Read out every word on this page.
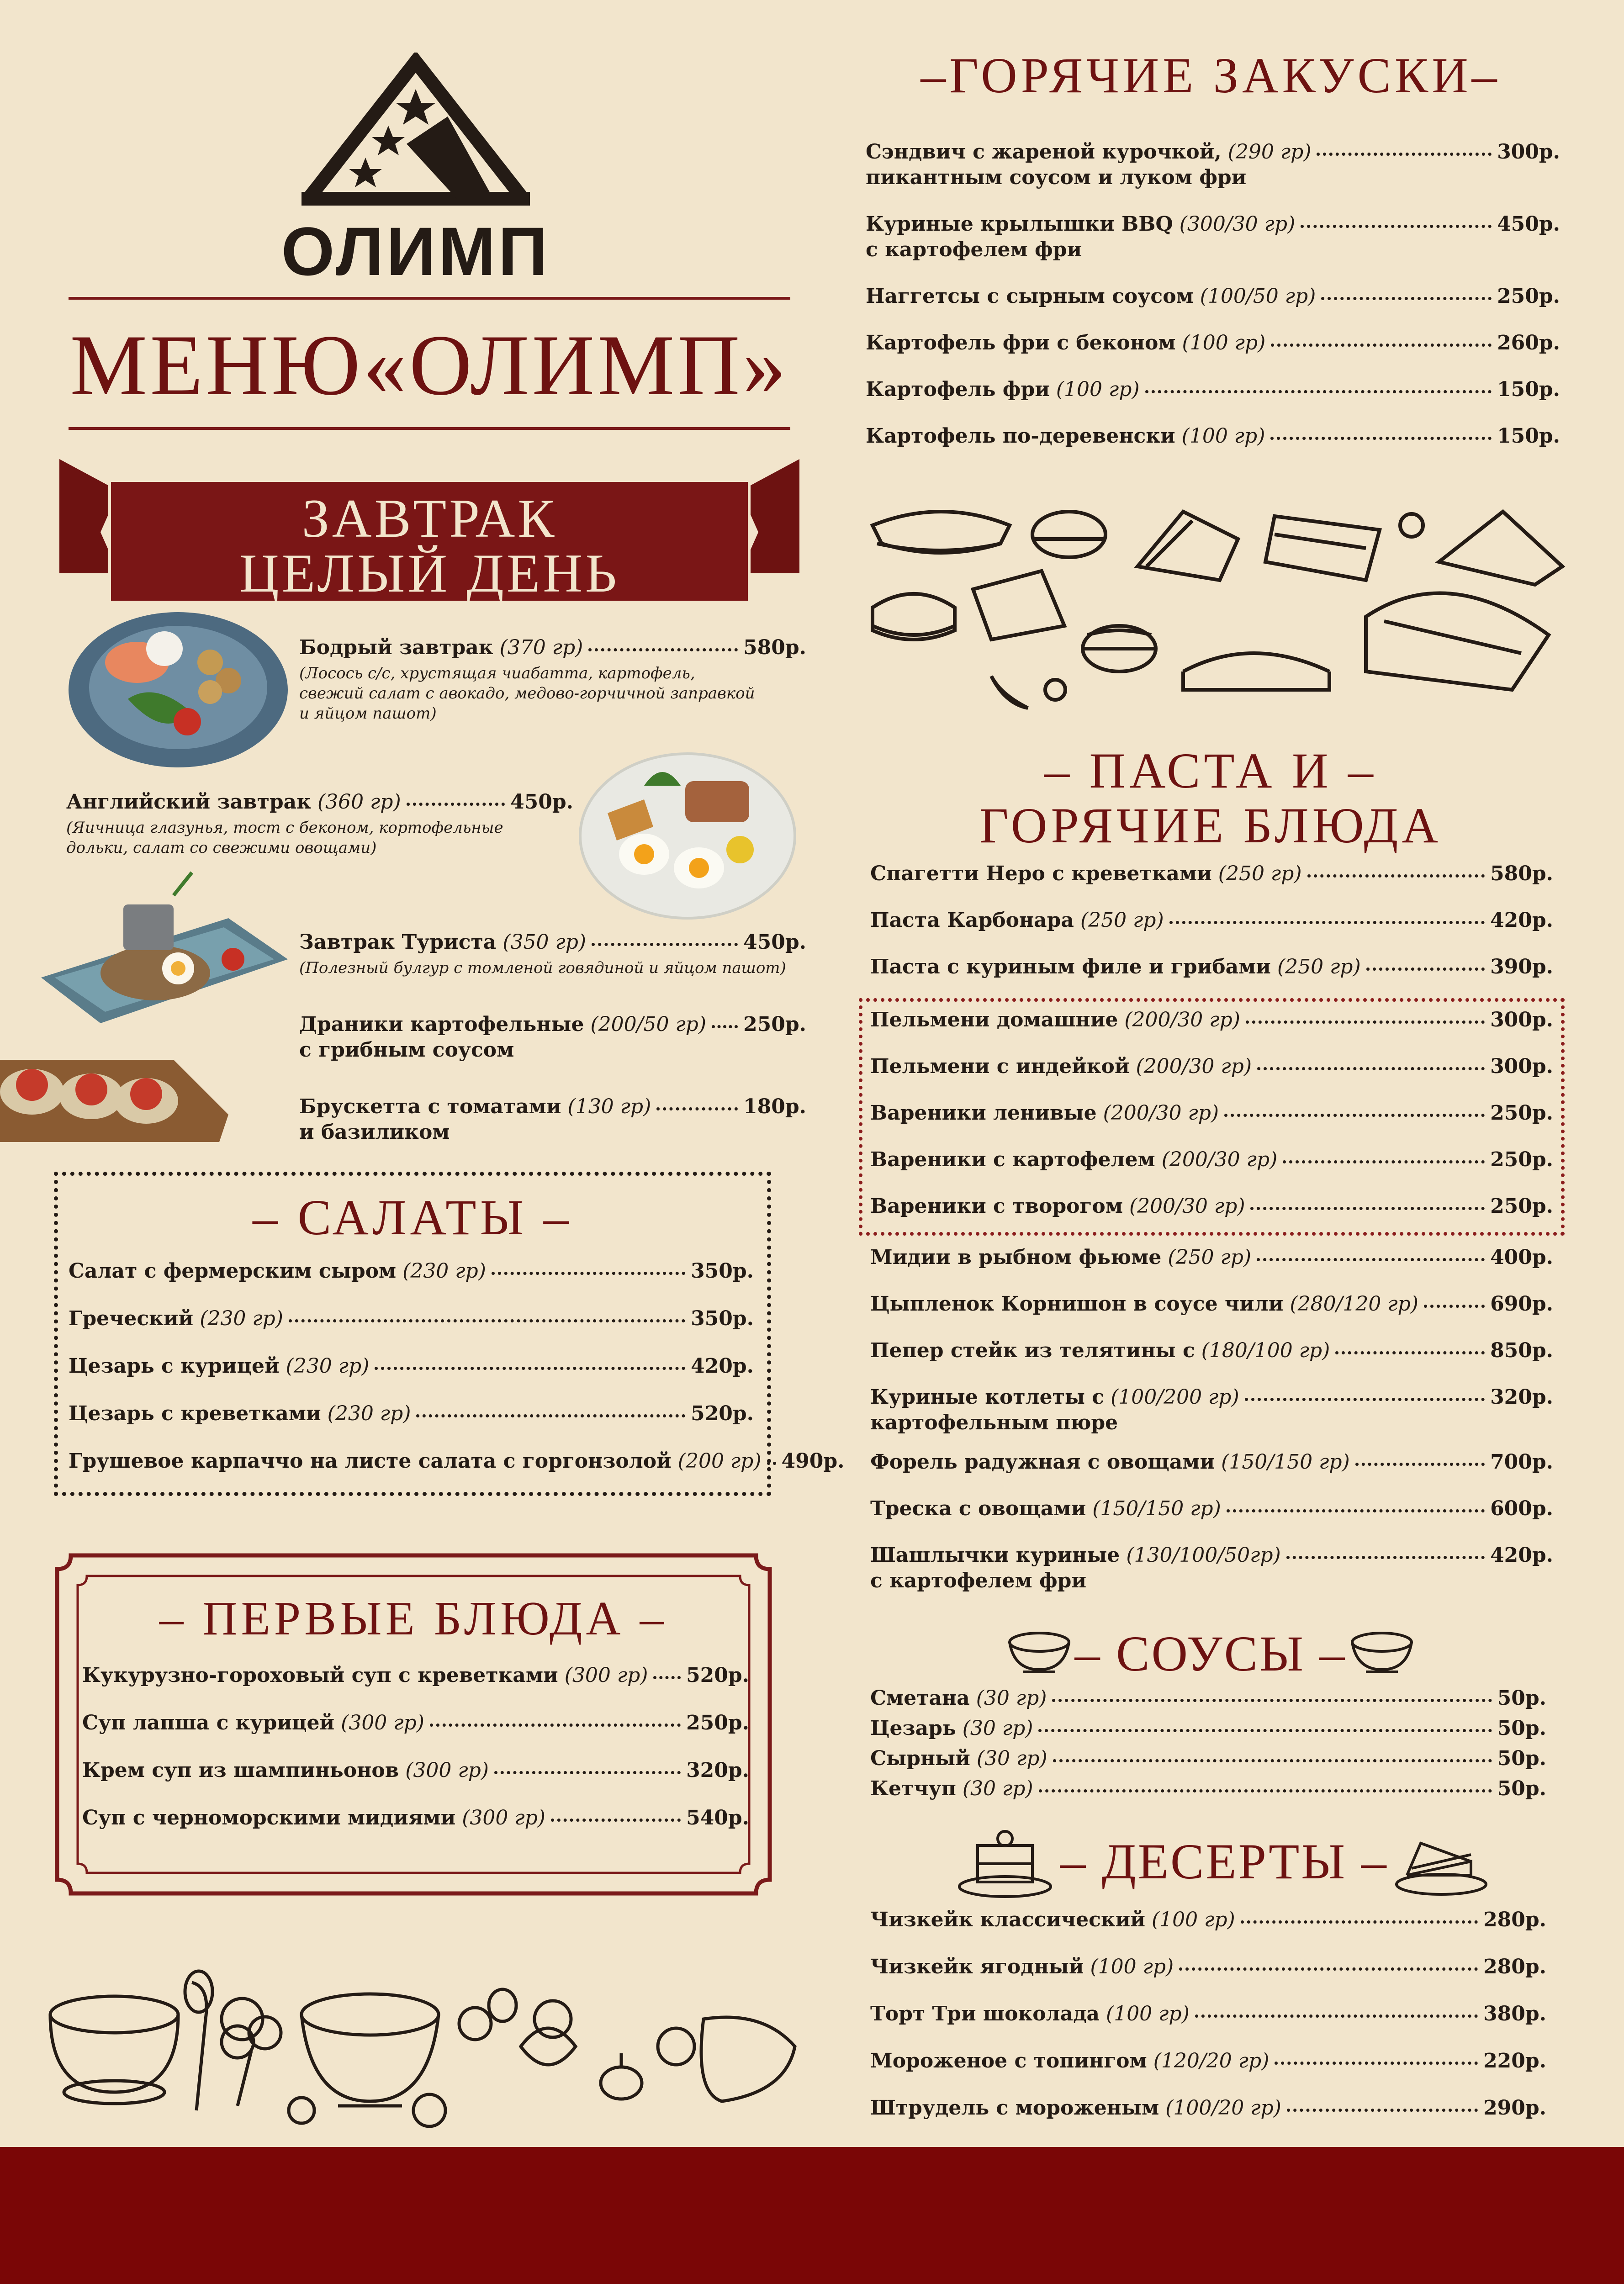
ОЛИМП
МЕНЮ«ОЛИМП»
ЗАВТРАК
ЦЕЛЫЙ ДЕНЬ
Бодрый завтрак (370 гр)	580р.
(Лосось с/с, хрустящая чиабатта, картофель, свежий салат с авокадо, медово-горчичной заправкой и яйцом пашот)
Английский завтрак (360 гр)	450р.
(Яичница глазунья, тост с беконом, кортофельные дольки, салат со свежими овощами)
Завтрак Туриста (350 гр)	450р.
(Полезный булгур с томленой говядиной и яйцом пашот)
Драники картофельные (200/50 гр) 250р.
с грибным соусом
Брускетта с томатами (130 гр)	180р.
и базиликом
– САЛАТЫ –
Салат с фермерским сыром (230 гр)	350р.
Греческий (230 гр)	350р.
Цезарь с курицей (230 гр)	420р.
Цезарь с креветками (230 гр)	520р.
Грушевое карпаччо на листе салата с горгонзолой (200 гр) 490р.
– ПЕРВЫЕ БЛЮДА –
Кукурузно-гороховый суп с креветками (300 гр) 520р.
Суп лапша с курицей (300 гр)	250р.
Крем суп из шампиньонов (300 гр)	320р.
Суп с черноморскими мидиями (300 гр)	540р.
–ГОРЯЧИЕ ЗАКУСКИ–
Сэндвич с жареной курочкой, (290 гр)	300р.
пикантным соусом и луком фри
Куриные крылышки BBQ (300/30 гр)	450р.
с картофелем фри
Наггетсы с сырным соусом (100/50 гр)	250р.
Картофель фри с беконом (100 гр)	260р.
Картофель фри (100 гр)	150р.
Картофель по-деревенски (100 гр)	150р.
– ПАСТА И –
ГОРЯЧИЕ БЛЮДА
Спагетти Неро с креветками (250 гр)	580р.
Паста Карбонара (250 гр)	420р.
Паста с куриным филе и грибами (250 гр)	390р.
Пельмени домашние (200/30 гр)	300р.
Пельмени с индейкой (200/30 гр)	300р.
Вареники ленивые (200/30 гр)	250р.
Вареники с картофелем (200/30 гр)	250р.
Вареники с творогом (200/30 гр)	250р.
Мидии в рыбном фьюме (250 гр)	400р.
Цыпленок Корнишон в соусе чили (280/120 гр)	690р.
Пепер стейк из телятины с (180/100 гр)	850р.
Куриные котлеты с (100/200 гр)	320р.
картофельным пюре
Форель радужная с овощами (150/150 гр)	700р.
Треска с овощами (150/150 гр)	600р.
Шашлычки куриные (130/100/50гр)	420р.
с картофелем фри
– СОУСЫ –
Сметана (30 гр)	50р.
Цезарь (30 гр)	50р.
Сырный (30 гр)	50р.
Кетчуп (30 гр)	50р.
– ДЕСЕРТЫ –
Чизкейк классический (100 гр)	280р.
Чизкейк ягодный (100 гр)	280р.
Торт Три шоколада (100 гр)	380р.
Мороженое с топингом (120/20 гр)	220р.
Штрудель с мороженым (100/20 гр)	290р.
